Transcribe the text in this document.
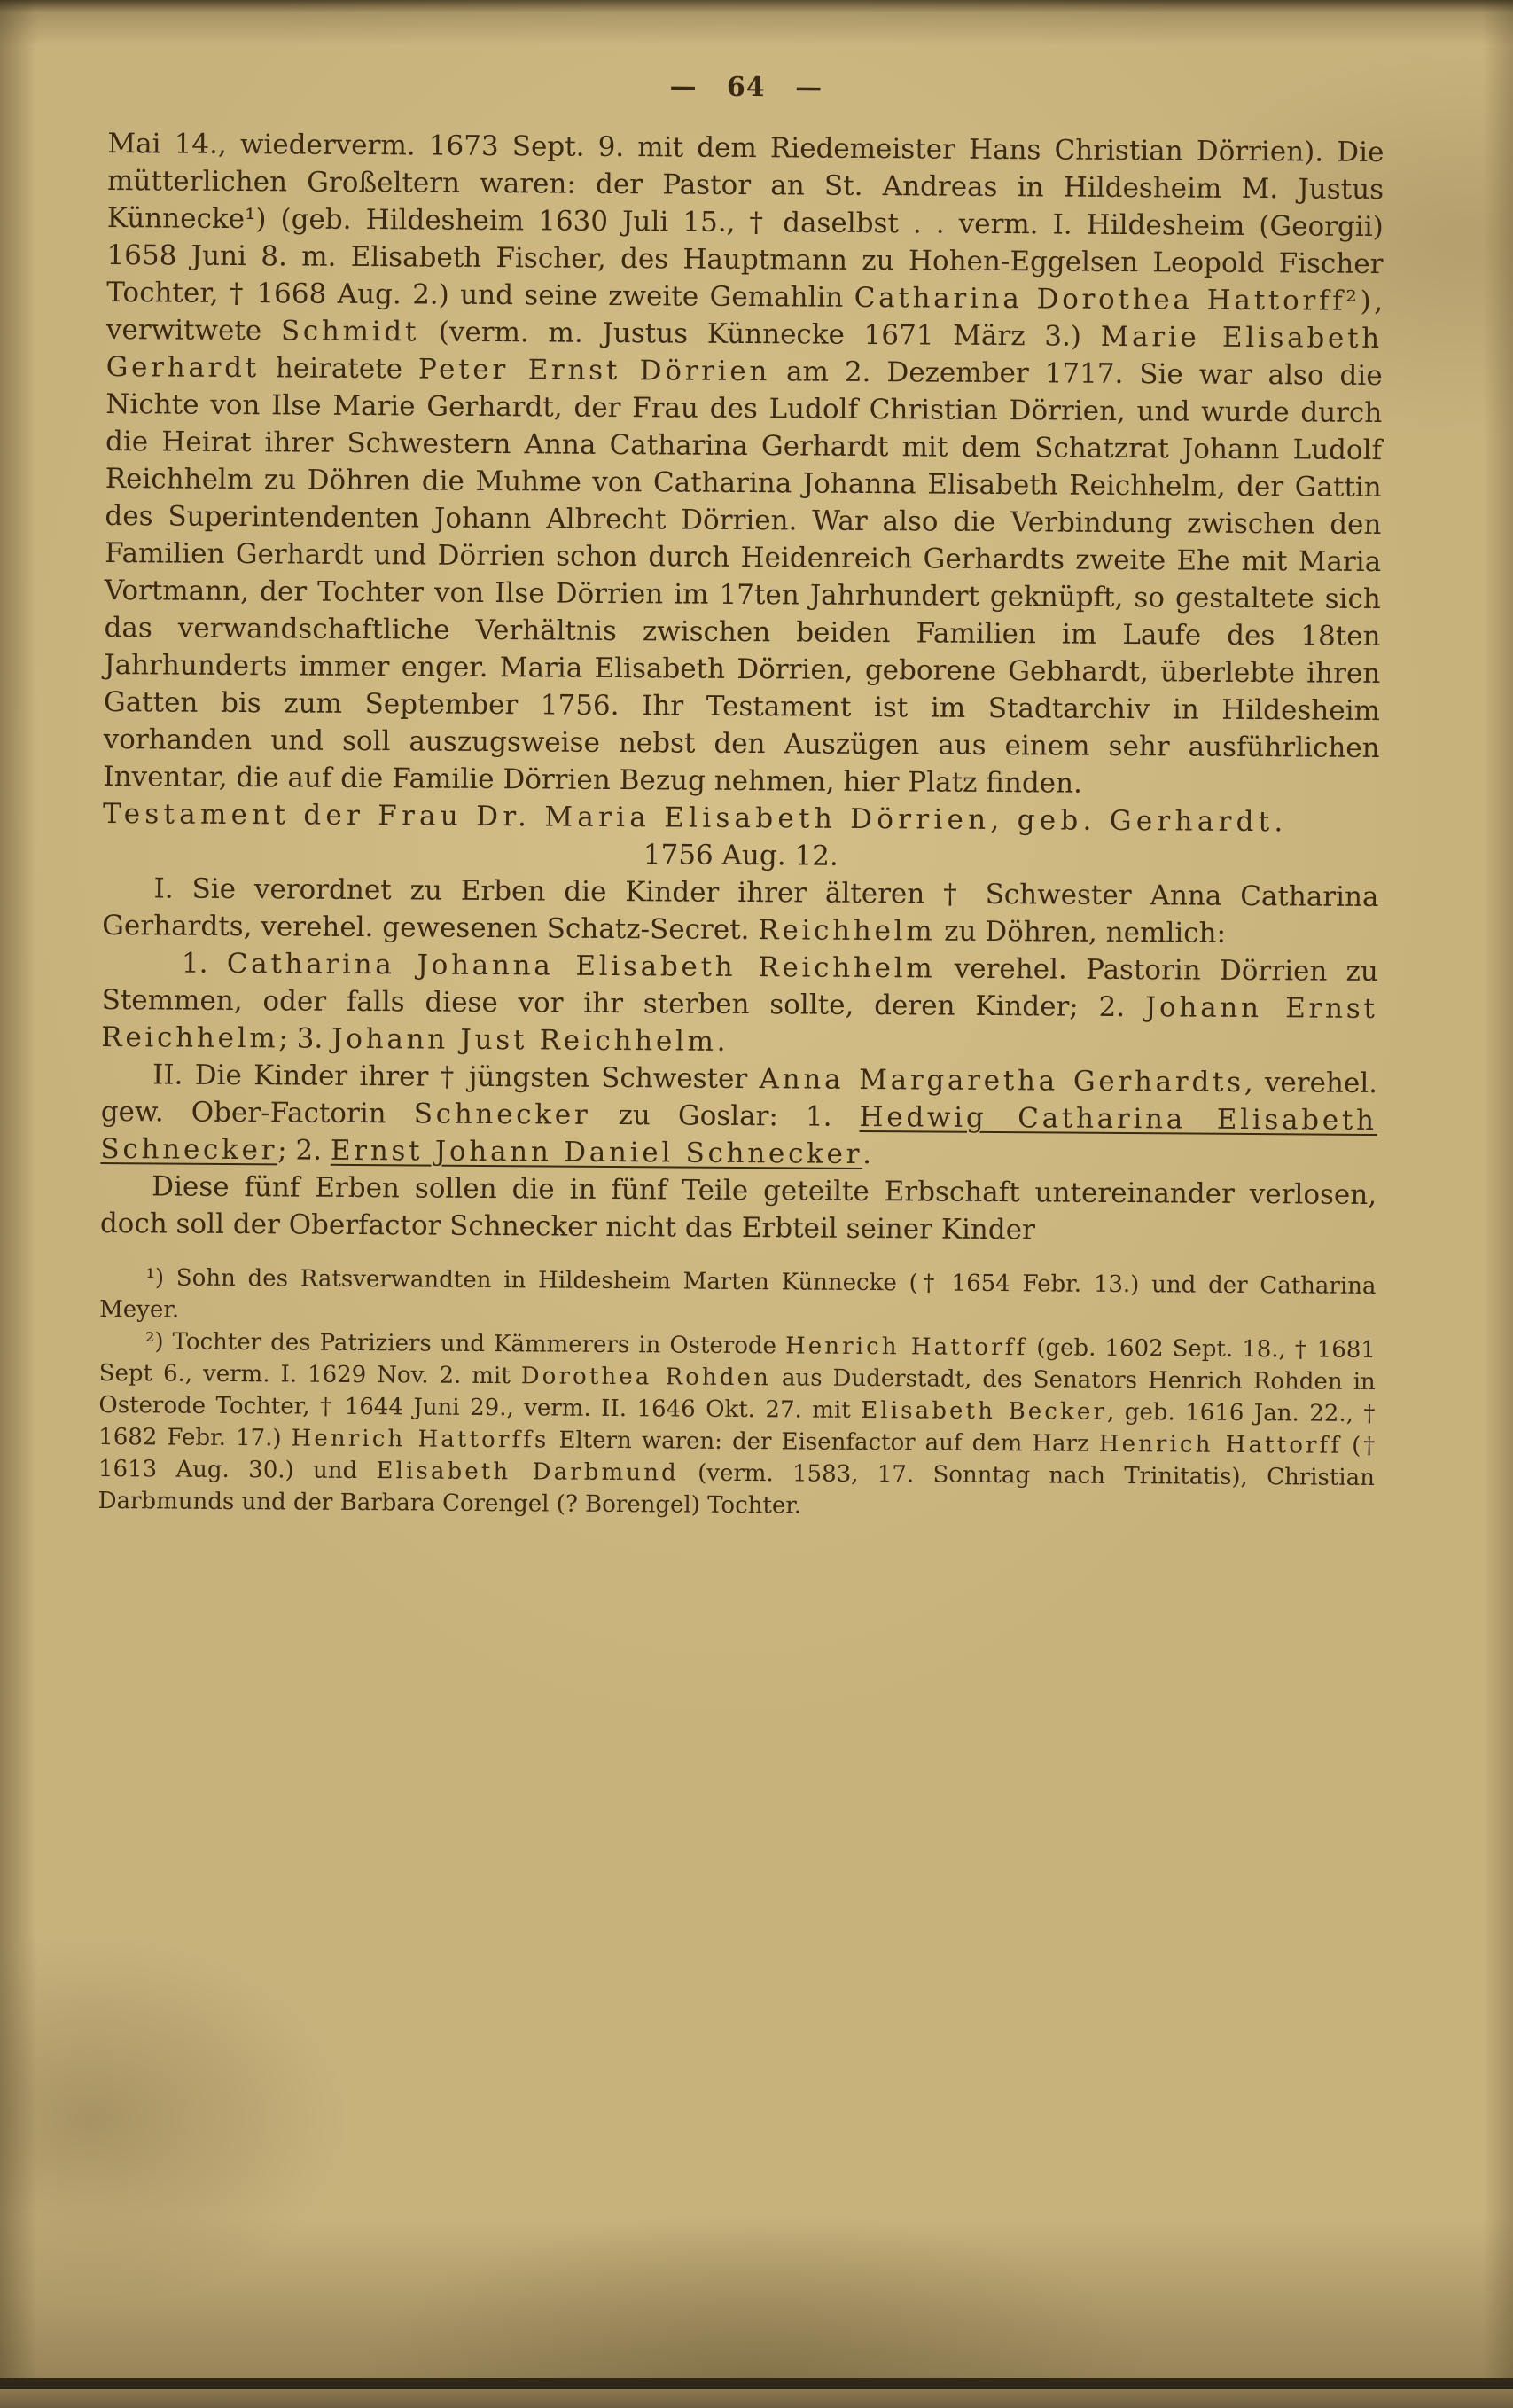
— 64 —

Mai 14., wiederverm. 1673 Sept. 9. mit dem Riedemeister Hans Christian Dörrien). Die mütterlichen Großeltern waren: der Pastor an St. Andreas in Hildesheim M. Justus Künnecke¹) (geb. Hildesheim 1630 Juli 15., † daselbst . . verm. I. Hildesheim (Georgii) 1658 Juni 8. m. Elisabeth Fischer, des Hauptmann zu Hohen-Eggelsen Leopold Fischer Tochter, † 1668 Aug. 2.) und seine zweite Gemahlin Catharina Dorothea Hattorff²), verwitwete Schmidt (verm. m. Justus Künnecke 1671 März 3.) Marie Elisabeth Gerhardt heiratete Peter Ernst Dörrien am 2. Dezember 1717. Sie war also die Nichte von Ilse Marie Gerhardt, der Frau des Ludolf Christian Dörrien, und wurde durch die Heirat ihrer Schwestern Anna Catharina Gerhardt mit dem Schatzrat Johann Ludolf Reichhelm zu Döhren die Muhme von Catharina Johanna Elisabeth Reichhelm, der Gattin des Superintendenten Johann Albrecht Dörrien. War also die Verbindung zwischen den Familien Gerhardt und Dörrien schon durch Heidenreich Gerhardts zweite Ehe mit Maria Vortmann, der Tochter von Ilse Dörrien im 17ten Jahrhundert geknüpft, so gestaltete sich das verwandschaftliche Verhältnis zwischen beiden Familien im Laufe des 18ten Jahrhunderts immer enger. Maria Elisabeth Dörrien, geborene Gebhardt, überlebte ihren Gatten bis zum September 1756. Ihr Testament ist im Stadtarchiv in Hildesheim vorhanden und soll auszugsweise nebst den Auszügen aus einem sehr ausführlichen Inventar, die auf die Familie Dörrien Bezug nehmen, hier Platz finden.

Testament der Frau Dr. Maria Elisabeth Dörrien, geb. Gerhardt.

1756 Aug. 12.

I. Sie verordnet zu Erben die Kinder ihrer älteren † Schwester Anna Catharina Gerhardts, verehel. gewesenen Schatz-Secret. Reichhelm zu Döhren, nemlich:

1. Catharina Johanna Elisabeth Reichhelm verehel. Pastorin Dörrien zu Stemmen, oder falls diese vor ihr sterben sollte, deren Kinder; 2. Johann Ernst Reichhelm; 3. Johann Just Reichhelm.

II. Die Kinder ihrer † jüngsten Schwester Anna Margaretha Gerhardts, verehel. gew. Ober-Factorin Schnecker zu Goslar: 1. Hedwig Catharina Elisabeth Schnecker; 2. Ernst Johann Daniel Schnecker.

Diese fünf Erben sollen die in fünf Teile geteilte Erbschaft untereinander verlosen, doch soll der Oberfactor Schnecker nicht das Erbteil seiner Kinder

¹) Sohn des Ratsverwandten in Hildesheim Marten Künnecke († 1654 Febr. 13.) und der Catharina Meyer.

²) Tochter des Patriziers und Kämmerers in Osterode Henrich Hattorff (geb. 1602 Sept. 18., † 1681 Sept 6., verm. I. 1629 Nov. 2. mit Dorothea Rohden aus Duderstadt, des Senators Henrich Rohden in Osterode Tochter, † 1644 Juni 29., verm. II. 1646 Okt. 27. mit Elisabeth Becker, geb. 1616 Jan. 22., † 1682 Febr. 17.) Henrich Hattorffs Eltern waren: der Eisenfactor auf dem Harz Henrich Hattorff († 1613 Aug. 30.) und Elisabeth Darbmund (verm. 1583, 17. Sonntag nach Trinitatis), Christian Darbmunds und der Barbara Corengel (? Borengel) Tochter.
